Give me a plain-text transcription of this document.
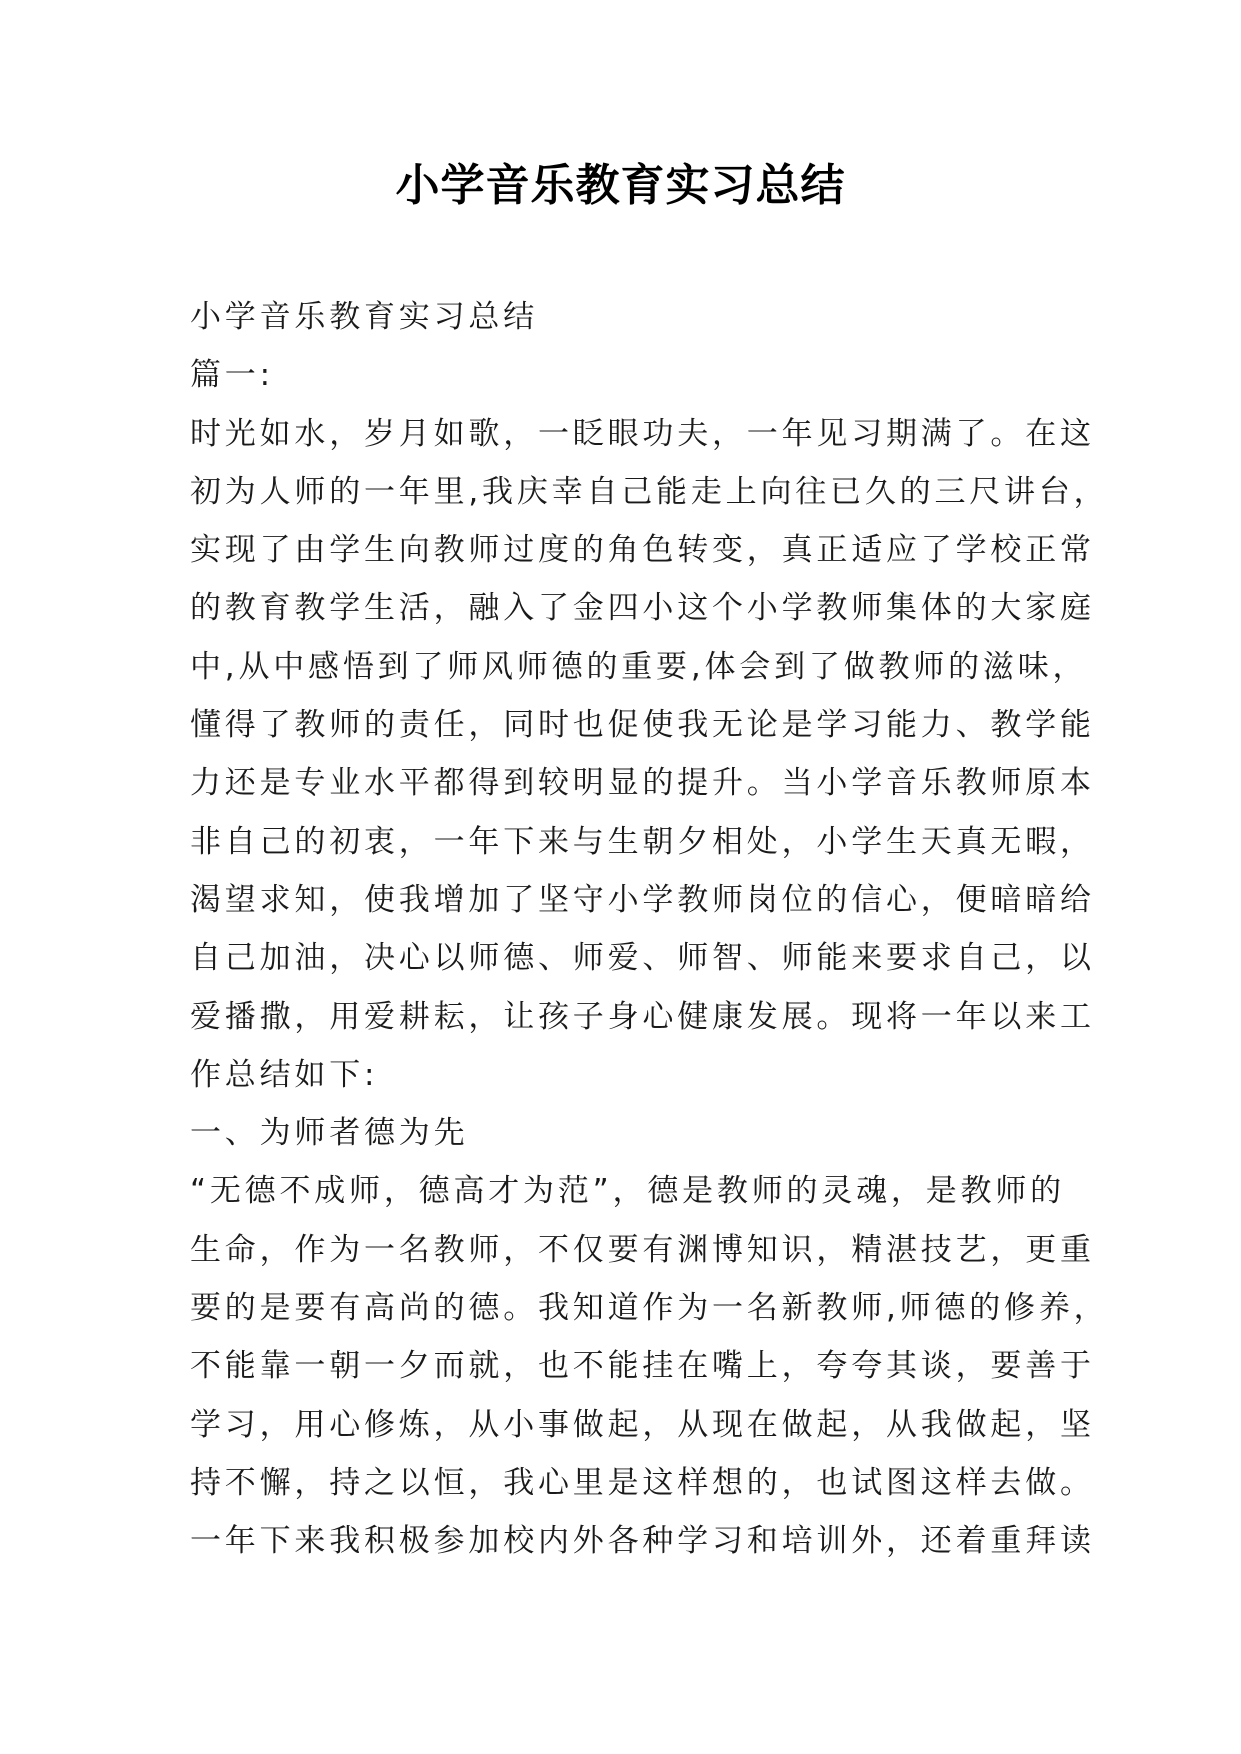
小学音乐教育实习总结
小学音乐教育实习总结
篇一:
时光如水，岁月如歌，一眨眼功夫，一年见习期满了。在这
初为人师的一年里,我庆幸自己能走上向往已久的三尺讲台，
实现了由学生向教师过度的角色转变，真正适应了学校正常
的教育教学生活，融入了金四小这个小学教师集体的大家庭
中,从中感悟到了师风师德的重要,体会到了做教师的滋味，
懂得了教师的责任，同时也促使我无论是学习能力、教学能
力还是专业水平都得到较明显的提升。当小学音乐教师原本
非自己的初衷，一年下来与生朝夕相处，小学生天真无暇，
渴望求知，使我增加了坚守小学教师岗位的信心，便暗暗给
自己加油，决心以师德、师爱、师智、师能来要求自己，以
爱播撒，用爱耕耘，让孩子身心健康发展。现将一年以来工
作总结如下:
一、为师者德为先
“无德不成师，德高才为范”，德是教师的灵魂，是教师的
生命，作为一名教师，不仅要有渊博知识，精湛技艺，更重
要的是要有高尚的德。我知道作为一名新教师,师德的修养，
不能靠一朝一夕而就，也不能挂在嘴上，夸夸其谈，要善于
学习，用心修炼，从小事做起，从现在做起，从我做起，坚
持不懈，持之以恒，我心里是这样想的，也试图这样去做。
一年下来我积极参加校内外各种学习和培训外，还着重拜读
